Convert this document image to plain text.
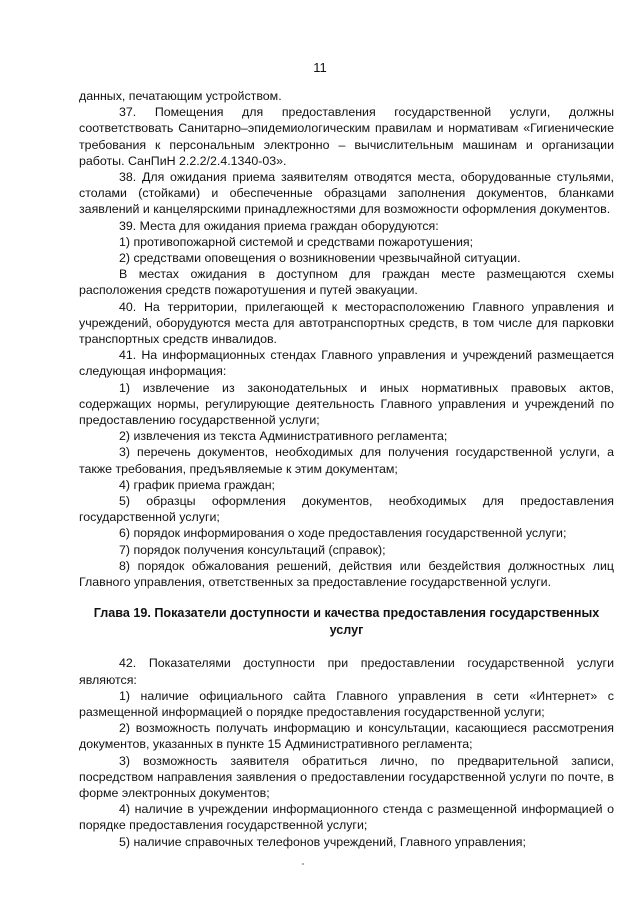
11

данных, печатающим устройством.

37. Помещения для предоставления государственной услуги, должны соответствовать Санитарно–эпидемиологическим правилам и нормативам «Гигиенические требования к персональным электронно – вычислительным машинам и организации работы. СанПиН 2.2.2/2.4.1340-03».

38. Для ожидания приема заявителям отводятся места, оборудованные стульями, столами (стойками) и обеспеченные образцами заполнения документов, бланками заявлений и канцелярскими принадлежностями для возможности оформления документов.

39. Места для ожидания приема граждан оборудуются:

1) противопожарной системой и средствами пожаротушения;

2) средствами оповещения о возникновении чрезвычайной ситуации.

В местах ожидания в доступном для граждан месте размещаются схемы расположения средств пожаротушения и путей эвакуации.

40. На территории, прилегающей к месторасположению Главного управления и учреждений, оборудуются места для автотранспортных средств, в том числе для парковки транспортных средств инвалидов.

41. На информационных стендах Главного управления и учреждений размещается следующая информация:

1) извлечение из законодательных и иных нормативных правовых актов, содержащих нормы, регулирующие деятельность Главного управления и учреждений по предоставлению государственной услуги;

2) извлечения из текста Административного регламента;

3) перечень документов, необходимых для получения государственной услуги, а также требования, предъявляемые к этим документам;

4) график приема граждан;

5) образцы оформления документов, необходимых для предоставления государственной услуги;

6) порядок информирования о ходе предоставления государственной услуги;

7) порядок получения консультаций (справок);

8) порядок обжалования решений, действия или бездействия должностных лиц Главного управления, ответственных за предоставление государственной услуги.

Глава 19. Показатели доступности и качества предоставления государственных услуг

42. Показателями доступности при предоставлении государственной услуги являются:

1) наличие официального сайта Главного управления в сети «Интернет» с размещенной информацией о порядке предоставления государственной услуги;

2) возможность получать информацию и консультации, касающиеся рассмотрения документов, указанных в пункте 15 Административного регламента;

3) возможность заявителя обратиться лично, по предварительной записи, посредством направления заявления о предоставлении государственной услуги по почте, в форме электронных документов;

4) наличие в учреждении информационного стенда с размещенной информацией о порядке предоставления государственной услуги;

5) наличие справочных телефонов учреждений, Главного управления;
